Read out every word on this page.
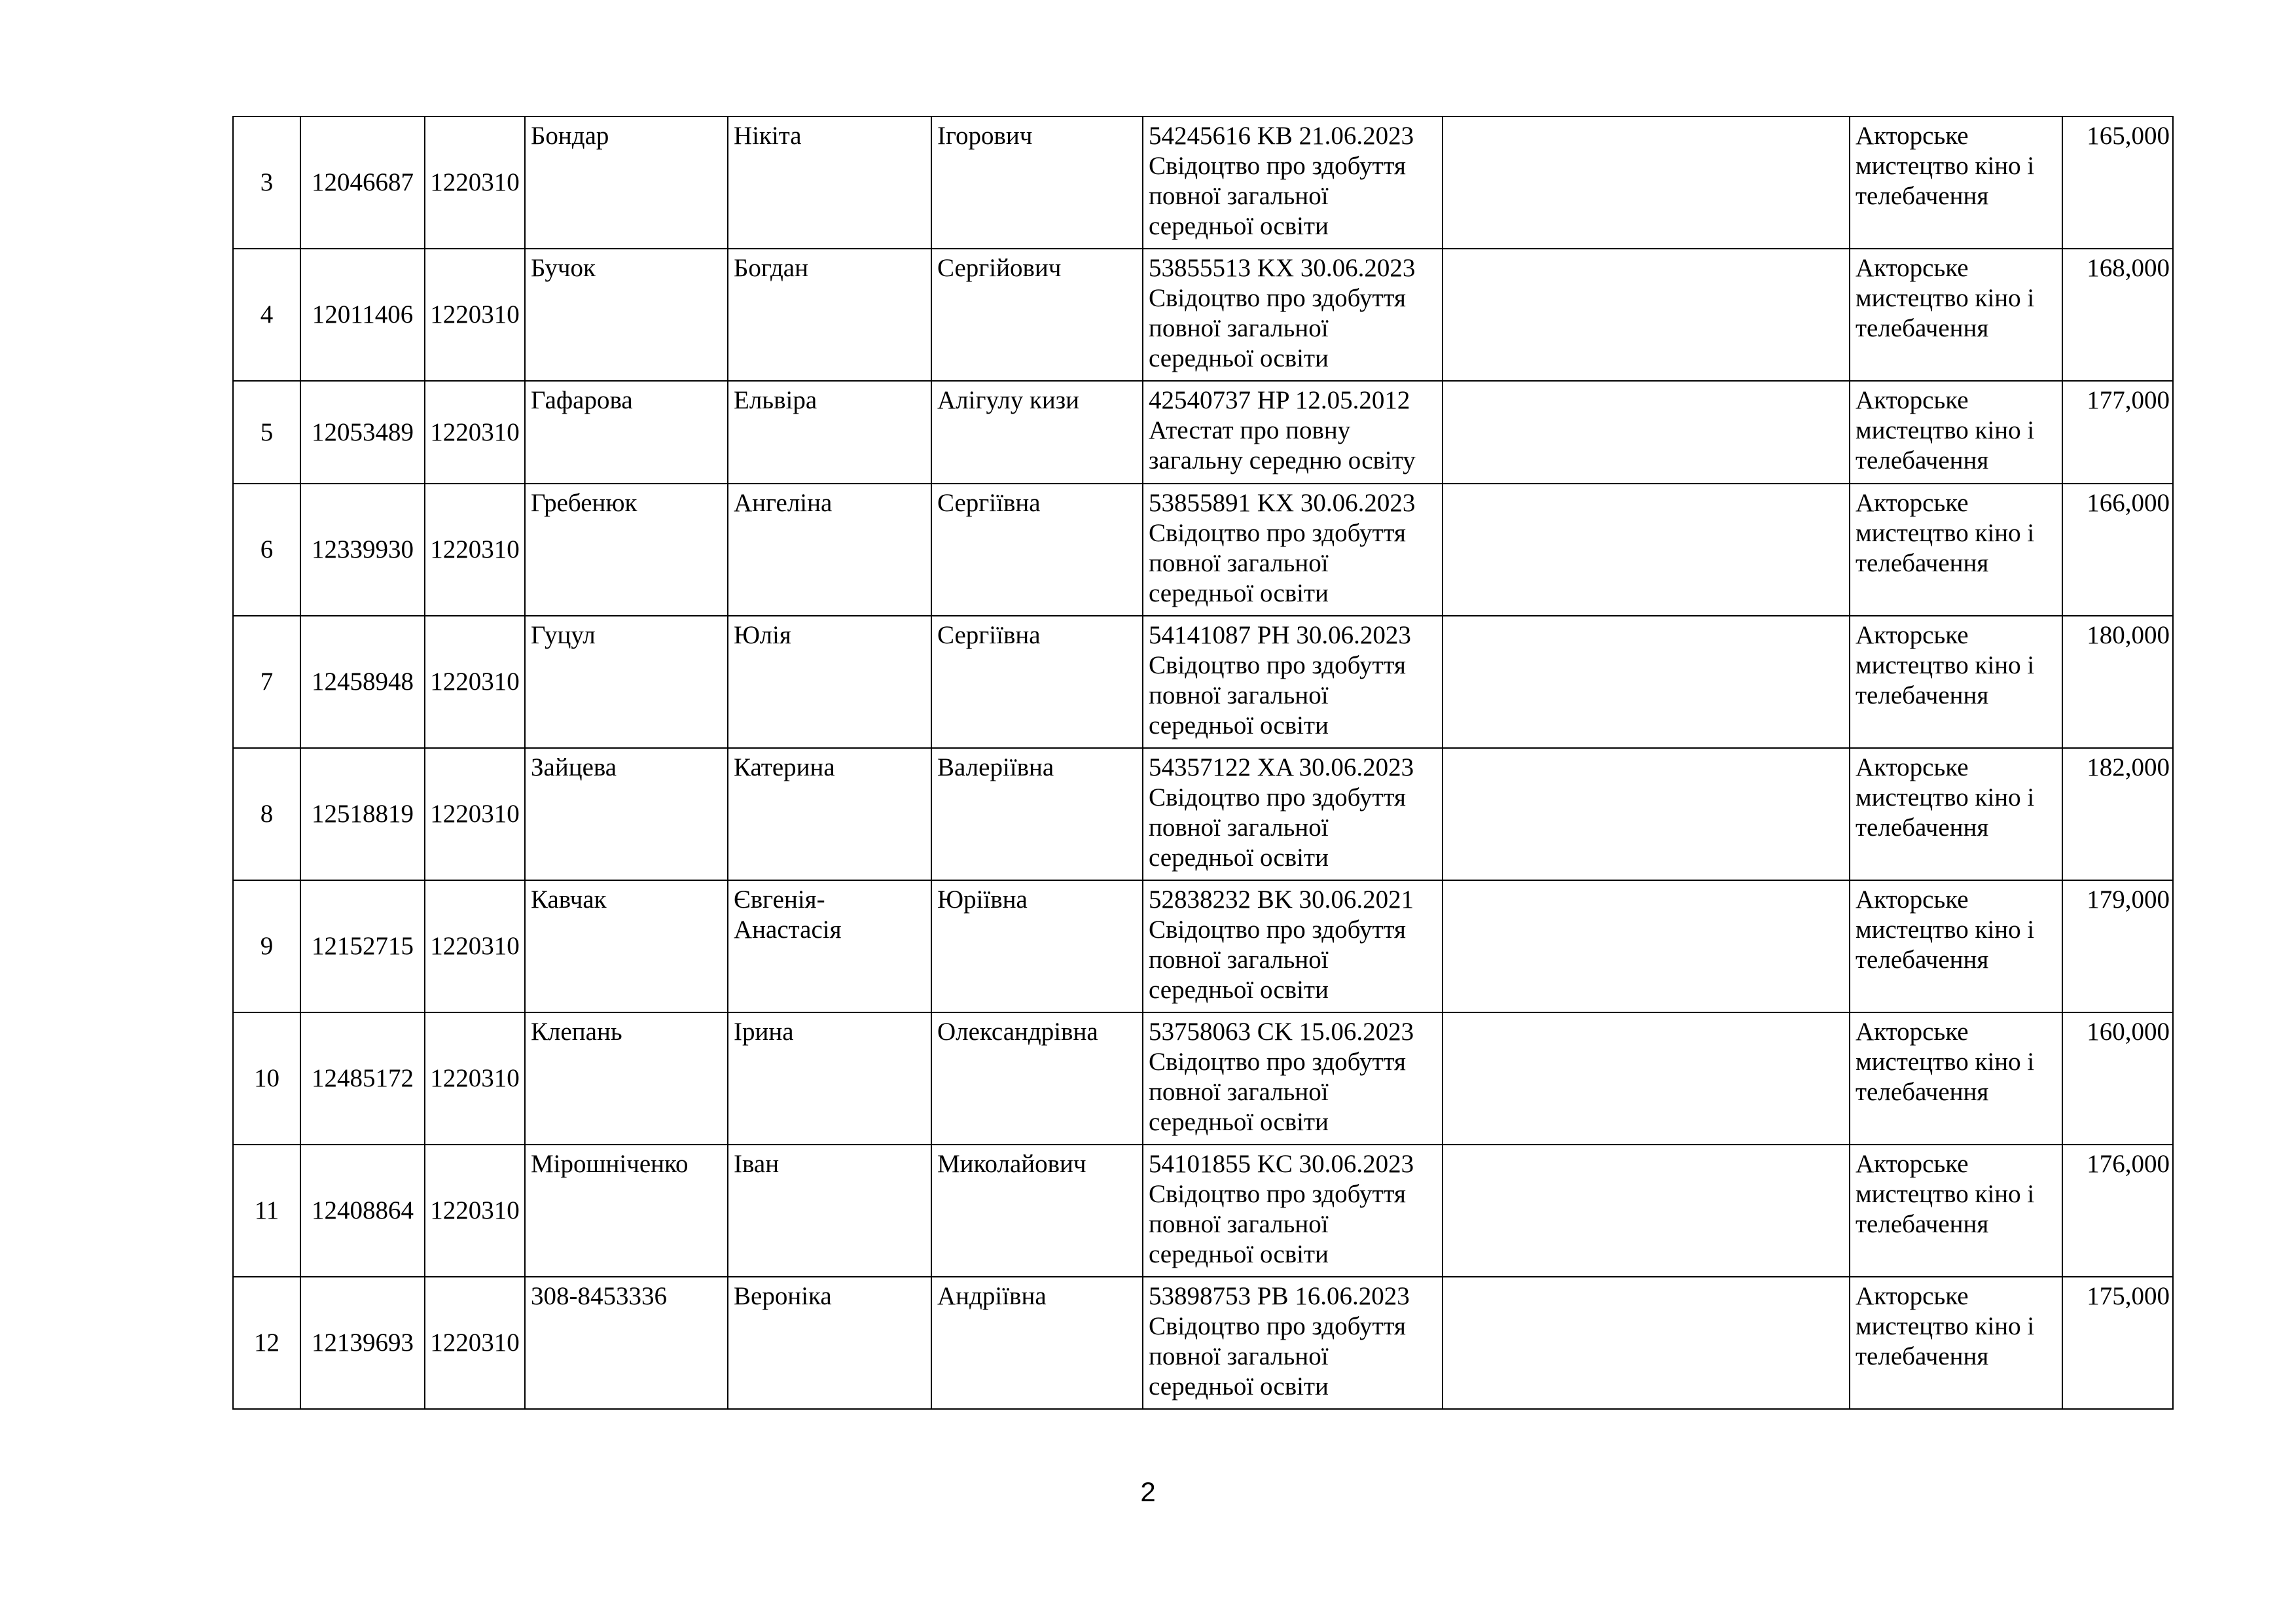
3	12046687	1220310	Бондар	Нікіта	Ігорович	54245616 KB 21.06.2023 Свідоцтво про здобуття повної загальної середньої освіти		Акторське мистецтво кіно і телебачення	165,000
4	12011406	1220310	Бучок	Богдан	Сергійович	53855513 KX 30.06.2023 Свідоцтво про здобуття повної загальної середньої освіти		Акторське мистецтво кіно і телебачення	168,000
5	12053489	1220310	Гафарова	Ельвіра	Алігулу кизи	42540737 HP 12.05.2012 Атестат про повну загальну середню освіту		Акторське мистецтво кіно і телебачення	177,000
6	12339930	1220310	Гребенюк	Ангеліна	Сергіївна	53855891 KX 30.06.2023 Свідоцтво про здобуття повної загальної середньої освіти		Акторське мистецтво кіно і телебачення	166,000
7	12458948	1220310	Гуцул	Юлія	Сергіївна	54141087 PH 30.06.2023 Свідоцтво про здобуття повної загальної середньої освіти		Акторське мистецтво кіно і телебачення	180,000
8	12518819	1220310	Зайцева	Катерина	Валеріївна	54357122 XA 30.06.2023 Свідоцтво про здобуття повної загальної середньої освіти		Акторське мистецтво кіно і телебачення	182,000
9	12152715	1220310	Кавчак	Євгенія-Анастасія	Юріївна	52838232 BK 30.06.2021 Свідоцтво про здобуття повної загальної середньої освіти		Акторське мистецтво кіно і телебачення	179,000
10	12485172	1220310	Клепань	Ірина	Олександрівна	53758063 CK 15.06.2023 Свідоцтво про здобуття повної загальної середньої освіти		Акторське мистецтво кіно і телебачення	160,000
11	12408864	1220310	Мірошніченко	Іван	Миколайович	54101855 KC 30.06.2023 Свідоцтво про здобуття повної загальної середньої освіти		Акторське мистецтво кіно і телебачення	176,000
12	12139693	1220310	308-8453336	Вероніка	Андріївна	53898753 PB 16.06.2023 Свідоцтво про здобуття повної загальної середньої освіти		Акторське мистецтво кіно і телебачення	175,000
2
